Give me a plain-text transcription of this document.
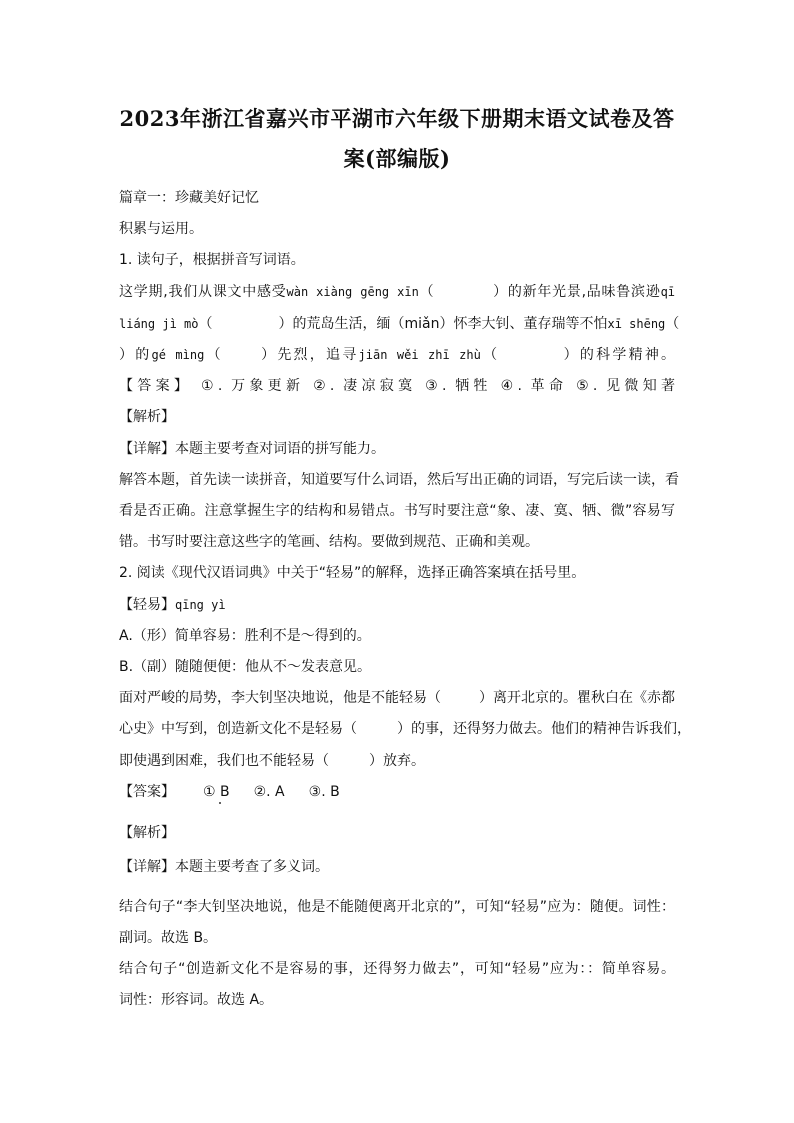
2023年浙江省嘉兴市平湖市六年级下册期末语文试卷及答
案(部编版)
篇章一：珍藏美好记忆
积累与运用。
1. 读句子，根据拼音写词语。
这学期,我们从课文中感受wàn xiàng gēng xīn（	）的新年光景,品味鲁滨逊qī
liáng jì mò（	）的荒岛生活，缅（miǎn）怀李大钊、董存瑞等不怕xī shēng（
）的gé mìng（	）先烈，追寻jiān wěi zhī zhù（	）的科学精神。
【答案】 ①. 万象更新 ②. 凄凉寂寞 ③. 牺牲 ④. 革命 ⑤. 见微知著
【解析】
【详解】本题主要考查对词语的拼写能力。
解答本题，首先读一读拼音，知道要写什么词语，然后写出正确的词语，写完后读一读，看
看是否正确。注意掌握生字的结构和易错点。书写时要注意“象、凄、寞、牺、微”容易写
错。书写时要注意这些字的笔画、结构。要做到规范、正确和美观。
2. 阅读《现代汉语词典》中关于“轻易”的解释，选择正确答案填在括号里。
【轻易】qīng yì
A.（形）简单容易：胜利不是～得到的。
B.（副）随随便便：他从不～发表意见。
面对严峻的局势，李大钊坚决地说，他是不能轻易（	）离开北京的。瞿秋白在《赤都
心史》中写到，创造新文化不是轻易（	）的事，还得努力做去。他们的精神告诉我们，
即使遇到困难，我们也不能轻易（	）放弃。
【答案】 ① B ②. A ③. B
【解析】
【详解】本题主要考查了多义词。
结合句子“李大钊坚决地说，他是不能随便离开北京的”，可知“轻易”应为：随便。词性：
副词。故选 B。
结合句子“创造新文化不是容易的事，还得努力做去”，可知“轻易”应为：：简单容易。
词性：形容词。故选 A。
